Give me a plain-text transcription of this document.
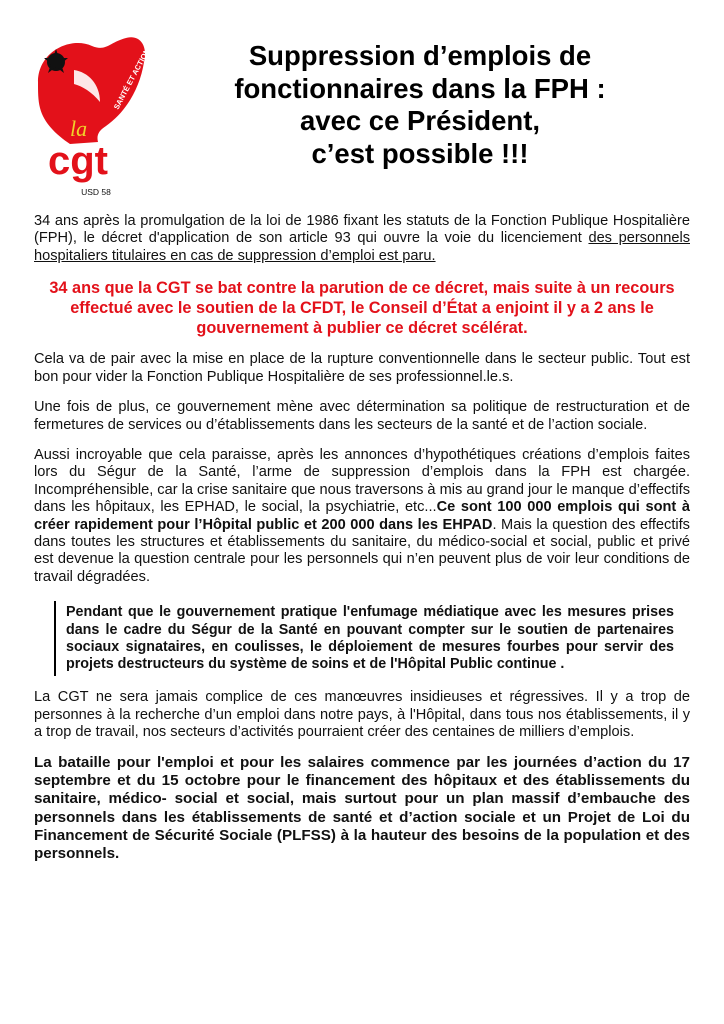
SANTÉ ET ACTION SOCIALE
la
cgt
USD 58
Suppression d’emplois de
fonctionnaires dans la FPH :
avec ce Président,
c’est possible !!!

34 ans après la promulgation de la loi de 1986 fixant les statuts de la Fonction Publique Hospitalière (FPH), le décret d'application de son article 93 qui ouvre la voie du licenciement des personnels hospitaliers titulaires en cas de suppression d’emploi est paru.

34 ans que la CGT se bat contre la parution de ce décret, mais suite à un recours effectué avec le soutien de la CFDT, le Conseil d’État a enjoint il y a 2 ans le gouvernement à publier ce décret scélérat.

Cela va de pair avec la mise en place de la rupture conventionnelle dans le secteur public. Tout est bon pour vider la Fonction Publique Hospitalière de ses professionnel.le.s.

Une fois de plus, ce gouvernement mène avec détermination sa politique de restructuration et de fermetures de services ou d’établissements dans les secteurs de la santé et de l’action sociale.

Aussi incroyable que cela paraisse, après les annonces d’hypothétiques créations d’emplois faites lors du Ségur de la Santé, l’arme de suppression d’emplois dans la FPH est chargée. Incompréhensible, car la crise sanitaire que nous traversons à mis au grand jour le manque d’effectifs dans les hôpitaux, les EPHAD, le social, la psychiatrie, etc...Ce sont 100 000 emplois qui sont à créer rapidement pour l’Hôpital public et 200 000 dans les EHPAD. Mais la question des effectifs dans toutes les structures et établissements du sanitaire, du médico-social et social, public et privé est devenue la question centrale pour les personnels qui n’en peuvent plus de voir leur conditions de travail dégradées.

Pendant que le gouvernement pratique l'enfumage médiatique avec les mesures prises dans le cadre du Ségur de la Santé en pouvant compter sur le soutien de partenaires sociaux signataires, en coulisses, le déploiement de mesures fourbes pour servir des projets destructeurs du système de soins et de l'Hôpital Public continue .

La CGT ne sera jamais complice de ces manœuvres insidieuses et régressives. Il y a trop de personnes à la recherche d’un emploi dans notre pays, à l'Hôpital, dans tous nos établissements, il y a trop de travail, nos secteurs d’activités pourraient créer des centaines de milliers d’emplois.

La bataille pour l'emploi et pour les salaires commence par les journées d’action du 17 septembre et du 15 octobre pour le financement des hôpitaux et des établissements du sanitaire, médico- social et social, mais surtout pour un plan massif d’embauche des personnels dans les établissements de santé et d’action sociale et un Projet de Loi du Financement de Sécurité Sociale (PLFSS) à la hauteur des besoins de la population et des personnels.
